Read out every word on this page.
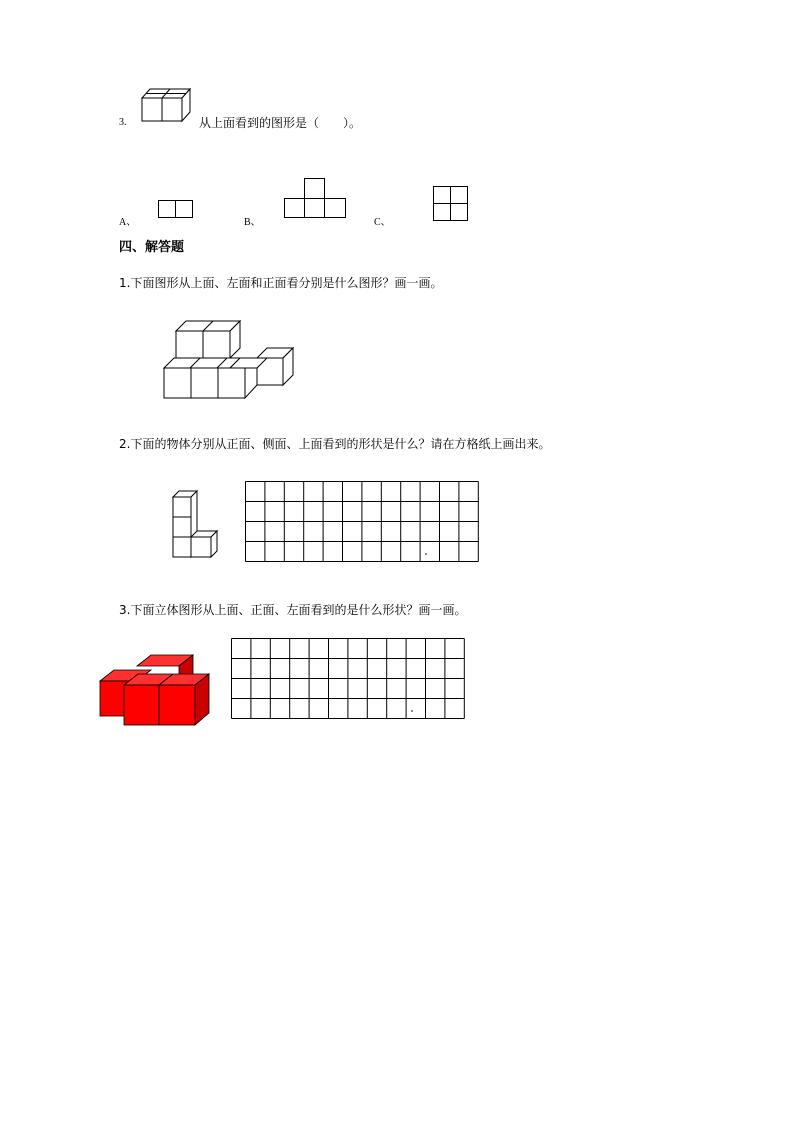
3.	从上面看到的图形是（　　）。
A、	B、	C、
四、解答题
1.下面图形从上面、左面和正面看分别是什么图形？画一画。
2.下面的物体分别从正面、侧面、上面看到的形状是什么？请在方格纸上画出来。
3.下面立体图形从上面、正面、左面看到的是什么形状？画一画。
